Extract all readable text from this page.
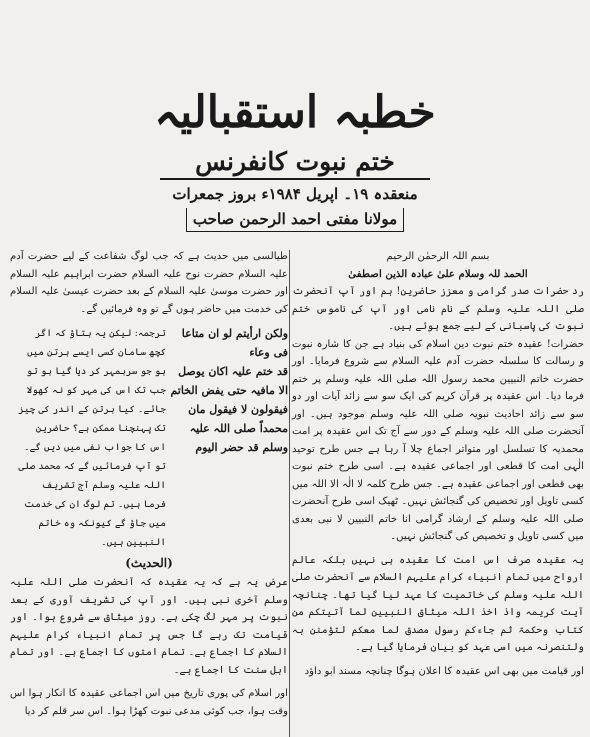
خطبہ استقبالیہ
ختم نبوت کانفرنس
منعقدہ ۱۹۔ اپریل ۱۹۸۴ء بروز جمعرات
مولانا مفتی احمد الرحمن صاحب

بسم اللہ الرحمٰن الرحیم

الحمد للہ وسلام علیٰ عبادہ الذین اصطفیٰ

رد حضرات صدر گرامی و معزز حاضرین! ہم اور آپ آنحضرت صلی اللہ علیہ وسلم کے نام نامی اور آپ کی ناموس ختم نبوت کی پاسبانی کے لیے جمع ہوئے ہیں۔

حضرات! عقیدہ ختم نبوت دین اسلام کی بنیاد ہے جن کا شارہ نبوت و رسالت کا سلسلہ حضرت آدم علیہ السلام سے شروع فرمایا۔ اور حضرت خاتم النبیین محمد رسول اللہ صلی اللہ علیہ وسلم پر ختم فرما دیا۔ اس عقیدہ پر قرآن کریم کی ایک سو سے زائد آیات اور دو سو سے زائد احادیث نبویہ صلی اللہ علیہ وسلم موجود ہیں۔ اور آنحضرت صلی اللہ علیہ وسلم کے دور سے آج تک اس عقیدہ پر امت محمدیہ کا تسلسل اور متواتر اجماع چلا آ رہا ہے جس طرح توحید الٰہی امت کا قطعی اور اجماعی عقیدہ ہے۔ اسی طرح ختم نبوت بھی قطعی اور اجماعی عقیدہ ہے۔ جس طرح کلمہ لا الٰہ الا اللہ میں کسی تاویل اور تخصیص کی گنجائش نہیں۔ ٹھیک اسی طرح آنحضرت صلی اللہ علیہ وسلم کے ارشاد گرامی انا خاتم النبیین لا نبی بعدی میں کسی تاویل و تخصیص کی گنجائش نہیں۔

یہ عقیدہ صرف اس امت کا عقیدہ ہی نہیں بلکہ عالم ارواح میں تمام انبیاء کرام علیہم السلام سے آنحضرت صلی اللہ علیہ وسلم کی خاتمیت کا عہد لیا گیا تھا۔ چنانچہ آیت کریمہ واذ اخذ اللہ میثاق النبیین لما آتیتکم من کتاب وحکمۃ ثم جاءکم رسول مصدق لما معکم لتؤمنن بہ ولتنصرنہ میں اسی عہد کو بیان فرمایا گیا ہے۔

اور قیامت میں بھی اس عقیدہ کا اعلان ہوگا چنانچہ مسند ابو داؤد

طیالسی میں حدیث ہے کہ جب لوگ شفاعت کے لیے حضرت آدم علیہ السلام حضرت نوح علیہ السلام حضرت ابراہیم علیہ السلام اور حضرت موسیٰ علیہ السلام کے بعد حضرت عیسیٰ علیہ السلام کی خدمت میں حاضر ہوں گے تو وہ فرمائیں گے۔

ولکن ارأیتم لو ان متاعا فی وعاء
قد ختم علیہ اکان یوصل
الا مافیہ حتی یفض الخاتم
فیقولون لا فیقول مان
محمداً صلی اللہ علیہ
وسلم قد حضر الیوم
ترجمہ: لیکن یہ بتاؤ کہ اگر کچھ سامان کسی ایسے برتن میں ہو جو سربمہر کر دیا گیا ہو تو جب تک اس کی مہر کو نہ کھولا جائے۔ کیا برتن کے اندر کی چیز تک پہنچنا ممکن ہے؟ حاضرین اس کا جواب نفی میں دیں گے۔ تو آپ فرمائیں گے کہ محمد صلی اللہ علیہ وسلم آج تشریف فرما ہیں۔ تم لوگ ان کی خدمت میں جاؤ گے کیونکہ وہ خاتم النبیین ہیں۔
(الحدیث)

عرض یہ ہے کہ یہ عقیدہ کہ آنحضرت صلی اللہ علیہ وسلم آخری نبی ہیں۔ اور آپ کی تشریف آوری کے بعد نبوت پر مہر لگ چکی ہے۔ روز میثاق سے شروع ہوا۔ اور قیامت تک رہے گا جس پر تمام انبیاء کرام علیہم السلام کا اجماع ہے۔ تمام امتوں کا اجماع ہے۔ اور تمام اہل سنت کا اجماع ہے۔

اور اسلام کی پوری تاریخ میں اس اجماعی عقیدہ کا انکار ہوا اس وقت ہوا، جب کوئی مدعی نبوت کھڑا ہوا۔ اس سر قلم کر دیا
